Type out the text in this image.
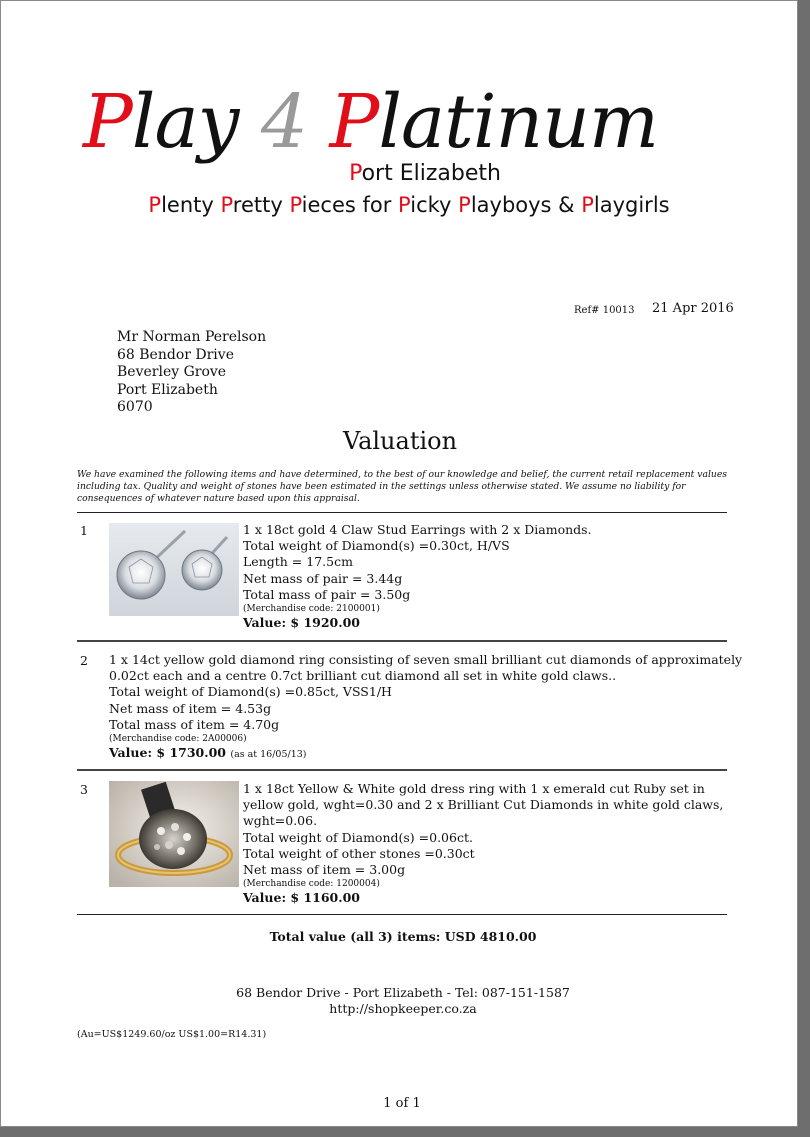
Play 4 Platinum
Port Elizabeth
Plenty Pretty Pieces for Picky Playboys & Playgirls
Ref# 10013 21 Apr 2016
Mr Norman Perelson
68 Bendor Drive
Beverley Grove
Port Elizabeth
6070
Valuation
We have examined the following items and have determined, to the best of our knowledge and belief, the current retail replacement values including tax. Quality and weight of stones have been estimated in the settings unless otherwise stated. We assume no liability for consequences of whatever nature based upon this appraisal.
1	1 x 18ct gold 4 Claw Stud Earrings with 2 x Diamonds.
Total weight of Diamond(s) =0.30ct, H/VS
Length = 17.5cm
Net mass of pair = 3.44g
Total mass of pair = 3.50g
(Merchandise code: 2100001)
Value: $ 1920.00
2 1 x 14ct yellow gold diamond ring consisting of seven small brilliant cut diamonds of approximately
0.02ct each and a centre 0.7ct brilliant cut diamond all set in white gold claws..
Total weight of Diamond(s) =0.85ct, VSS1/H
Net mass of item = 4.53g
Total mass of item = 4.70g
(Merchandise code: 2A00006)
Value: $ 1730.00 (as at 16/05/13)
3	1 x 18ct Yellow & White gold dress ring with 1 x emerald cut Ruby set in
yellow gold, wght=0.30 and 2 x Brilliant Cut Diamonds in white gold claws,
wght=0.06.
Total weight of Diamond(s) =0.06ct.
Total weight of other stones =0.30ct
Net mass of item = 3.00g
(Merchandise code: 1200004)
Value: $ 1160.00
Total value (all 3) items: USD 4810.00
68 Bendor Drive - Port Elizabeth - Tel: 087-151-1587
http://shopkeeper.co.za
(Au=US$1249.60/oz US$1.00=R14.31)
1 of 1
